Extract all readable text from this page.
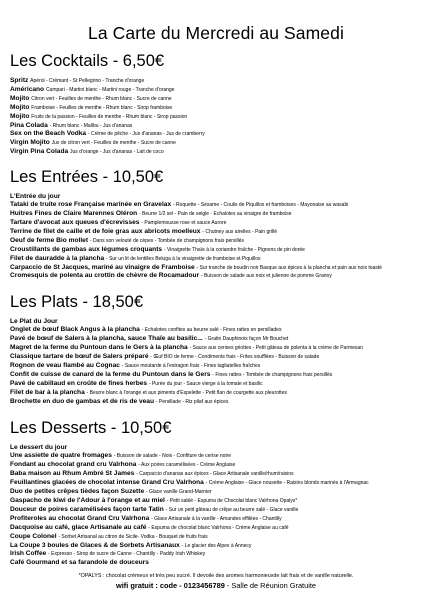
La Carte du Mercredi au Samedi
Les Cocktails - 6,50€
Spritz Apérol - Crémant - St Pellegrino - Tranche d'orange
Américano Campari - Martini blanc - Martini rouge - Tranche d'orange
Mojito Citron vert - Feuilles de menthe - Rhum blanc - Sucre de canne
Mojito Framboise - Feuilles de menthe - Rhum blanc - Sirop framboise
Mojito Fruits de la passion - Feuilles de menthe - Rhum blanc - Sirop passion
Pina Colada - Rhum blanc - Malibu - Jus d'ananas
Sex on the Beach Vodka - Crème de pêche - Jus d'ananas - Jus de cramberry
Virgin Mojito Jus de citron vert - Feuilles de menthe - Sucre de canne
Virgin Pina Colada Jus d'orange - Jus d'ananas - Lait de coco
Les Entrées - 10,50€

L'Entrée du jour

Tataki de truite rose Française marinée en Gravelax - Roquette - Sésame - Coulis de Piquillos et framboises - Mayonaise au wasabi
Huitres Fines de Claire Marennes Oléron - Beurre 1/2 sel - Pain de seigle - Echalotes au vinaigre de framboise
Tartare d'avocat aux queues d'écrevisses - Pamplemousse rose et sauce Aurore
Terrine de filet de caille et de foie gras aux abricots moelleux - Chutney aux airelles - Pain grillé
Oeuf de ferme Bio mollet - Dans son velouté de cèpes - Tombée de champignons frais persillés
Croustillants de gambas aux légumes croquants - Vinaigrette Thaïe à la coriandre fraîche - Pignons de pin dorée
Filet de dauradde à la plancha - Sur un lit de lentilles Beluga à la vinaigrette de framboise et Piquillos
Carpaccio de St Jacques, mariné au vinaigre de Framboise - Sur tranche de boudin noir Basque aux épices à la plancha et pain aux noix toasté
Cromesquis de polenta au crottin de chèvre de Rocamadour - Buisson de salade aux noix et julienne de pomme Granny
Les Plats - 18,50€

Le Plat du Jour

Onglet de bœuf Black Angus à la plancha - Echalotes confites au beurre salé - Fines rattes en persillades
Pavé de bœuf de Salers à la plancha, sauce Thaïe au basilic... - Gratin Dauphinois façon Mr Bouchet
Magret de la ferme du Puntoun dans le Gers à la plancha - Sauce aux cerises griottes - Petit gâteau de polenta à la crème de Parmesan
Classique tartare de bœuf de Salers préparé - Œuf BIO de ferme - Condiments frais - Frites soufflées - Buisson de salade
Rognon de veau flambé au Cognac - Sauce moutarde à l'estragon frais - Fines tagliatelles fraîches
Confit de cuisse de canard de la ferme du Puntoun dans le Gers - Fines rattes - Tombée de champignons frais persillés
Pavé de cabillaud en croûte de fines herbes - Purée du jour - Sauce vierge à la tomate et basilic
Filet de bar à la plancha - Beurre blanc à l'orange et aux piments d'Espelette - Petit flan de courgette aux pleurottes
Brochette en duo de gambas et de ris de veau - Persillade - Riz pilaf aux épices
Les Desserts - 10,50€

Le dessert du jour

Une assiette de quatre fromages - Buisson de salade - Noix - Confiture de cerise noire
Fondant au chocolat grand cru Valrhona - Aux poires caramélisées - Crème Anglaise
Baba maison au Rhum Ambré St James - Carpaccio d'ananas aux épices - Glace Artisanale vanille/rhum/raisins
Feuillantines glacées de chocolat intense Grand Cru Valrhona - Crème Anglaise - Glace nousette - Raisins blonds marinés à l'Armagnac
Duo de petites crêpes tièdes façon Suzette - Glace vanille Grand-Marnier
Gaspacho de kiwi de l'Adour à l'orange et au miel - Petit sablé - Espuma de Chocolat blanc Valrhona Opalys*
Douceur de poires caramélisées façon tarte Tatin - Sur un petit gâteau de crêpe au beurre salé - Glace vanille
Profiteroles au chocolat Grand Cru Valrhona - Glace Artisanale à la vanille - Amandes effilées - Chantilly
Dacquoise au café, glace Artisanale au café - Espuma de chocolat blanc Valrhona - Crème Anglaise au café
Coupe Colonel - Sorbet Artisanal au citron de Sicile- Vodka - Bouquet de fruits frais
La Coupe 3 boules de Glaces & de Sorbets Artisanaux - Le glacier des Alpes à Annecy
Irish Coffee - Expresso - Sirop de sucre de Canne - Chantilly - Paddy Irish Whiskey
Café Gourmand et sa farandole de douceurs

*OPALYS : chocolat crémeux et très peu sucré. Il devoile des aromes harmonieuxde lait frais et de vanille naturelle.

wifi gratuit : code - 0123456789 - Salle de Réunion Gratuite
